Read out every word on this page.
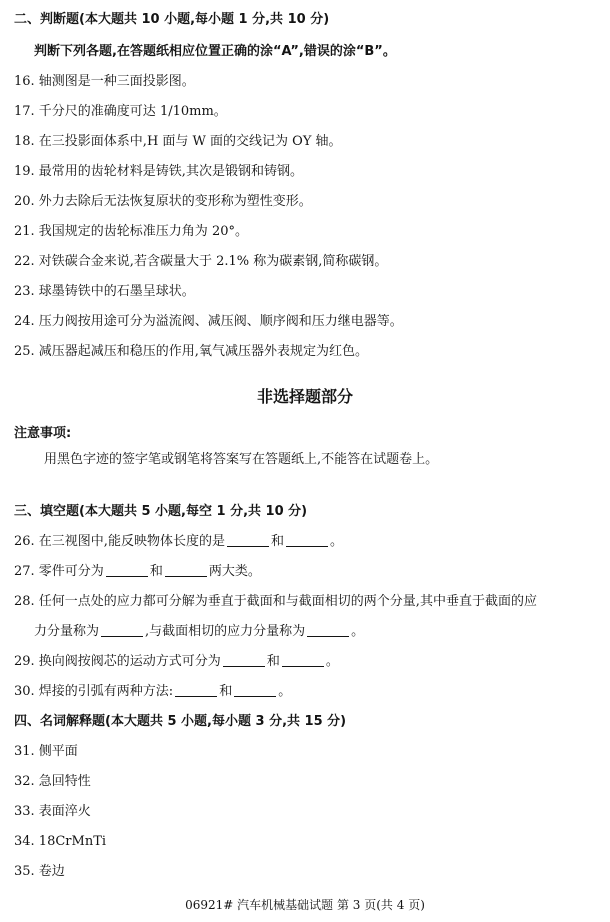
二、判断题(本大题共 10 小题,每小题 1 分,共 10 分)
判断下列各题,在答题纸相应位置正确的涂“A”,错误的涂“B”。
16. 轴测图是一种三面投影图。
17. 千分尺的准确度可达 1/10mm。
18. 在三投影面体系中,H 面与 W 面的交线记为 OY 轴。
19. 最常用的齿轮材料是铸铁,其次是锻钢和铸钢。
20. 外力去除后无法恢复原状的变形称为塑性变形。
21. 我国规定的齿轮标准压力角为 20°。
22. 对铁碳合金来说,若含碳量大于 2.1% 称为碳素钢,简称碳钢。
23. 球墨铸铁中的石墨呈球状。
24. 压力阀按用途可分为溢流阀、减压阀、顺序阀和压力继电器等。
25. 减压器起减压和稳压的作用,氧气减压器外表规定为红色。
非选择题部分
注意事项:
用黑色字迹的签字笔或钢笔将答案写在答题纸上,不能答在试题卷上。
三、填空题(本大题共 5 小题,每空 1 分,共 10 分)
26. 在三视图中,能反映物体长度的是	和	。
27. 零件可分为	和	两大类。
28. 任何一点处的应力都可分解为垂直于截面和与截面相切的两个分量,其中垂直于截面的应
力分量称为	,与截面相切的应力分量称为	。
29. 换向阀按阀芯的运动方式可分为	和	。
30. 焊接的引弧有两种方法:	和	。
四、名词解释题(本大题共 5 小题,每小题 3 分,共 15 分)
31. 侧平面
32. 急回特性
33. 表面淬火
34. 18CrMnTi
35. 卷边
06921# 汽车机械基础试题 第 3 页(共 4 页)
